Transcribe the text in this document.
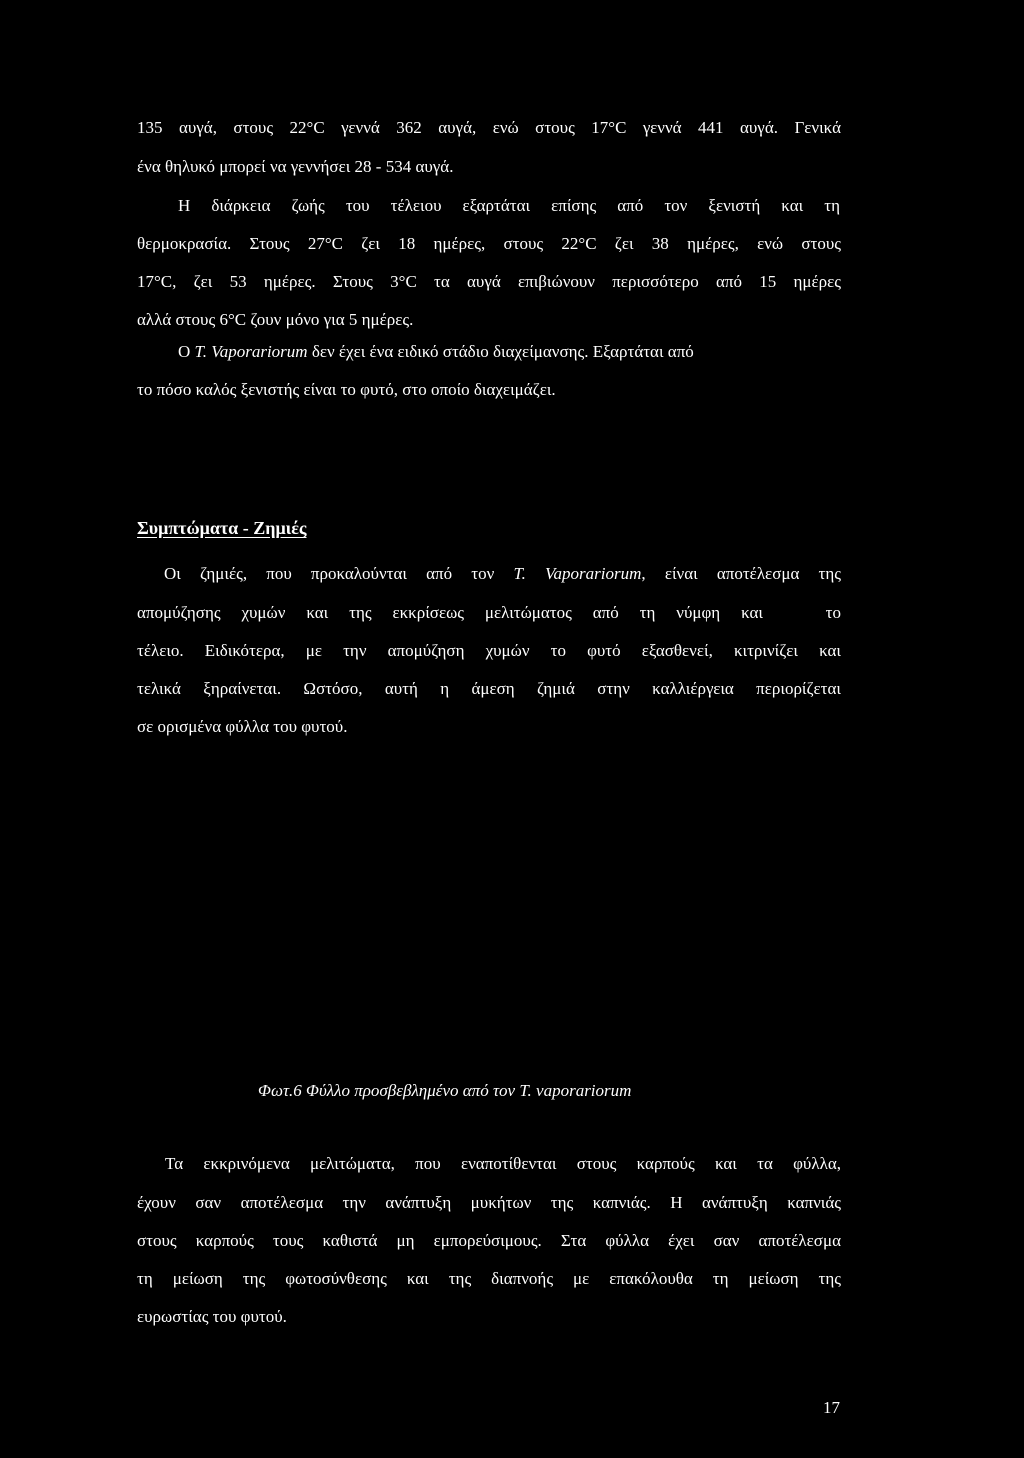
135 αυγά, στους 22°C γεννά 362 αυγά, ενώ στους 17°C γεννά 441 αυγά. Γενικά
ένα θηλυκό μπορεί να γεννήσει 28 - 534 αυγά.
Η διάρκεια ζωής του τέλειου εξαρτάται επίσης από τον ξενιστή και τη
θερμοκρασία. Στους 27°C ζει 18 ημέρες, στους 22°C ζει 38 ημέρες, ενώ στους
17°C, ζει 53 ημέρες. Στους 3°C τα αυγά επιβιώνουν περισσότερο από 15 ημέρες
αλλά στους 6°C ζουν μόνο για 5 ημέρες.
Ο T. Vaporariorum δεν έχει ένα ειδικό στάδιο διαχείμανσης. Εξαρτάται από
το πόσο καλός ξενιστής είναι το φυτό, στο οποίο διαχειμάζει.
Συμπτώματα - Ζημιές
Οι ζημιές, που προκαλούνται από τον T. Vaporariorum, είναι αποτέλεσμα της
απομύζησης χυμών και της εκκρίσεως μελιτώματος από τη νύμφη και   το
τέλειο. Ειδικότερα, με την απομύζηση χυμών το φυτό εξασθενεί, κιτρινίζει και
τελικά ξηραίνεται. Ωστόσο, αυτή η άμεση ζημιά στην καλλιέργεια περιορίζεται
σε ορισμένα φύλλα του φυτού.
Φωτ.6 Φύλλο προσβεβλημένο από τον T. vaporariorum
Τα εκκρινόμενα μελιτώματα, που εναποτίθενται στους καρπούς και τα φύλλα,
έχουν σαν αποτέλεσμα την ανάπτυξη μυκήτων της καπνιάς. Η ανάπτυξη καπνιάς
στους καρπούς τους καθιστά μη εμπορεύσιμους. Στα φύλλα έχει σαν αποτέλεσμα
τη μείωση της φωτοσύνθεσης και της διαπνοής με επακόλουθα τη μείωση της
ευρωστίας του φυτού.
17
